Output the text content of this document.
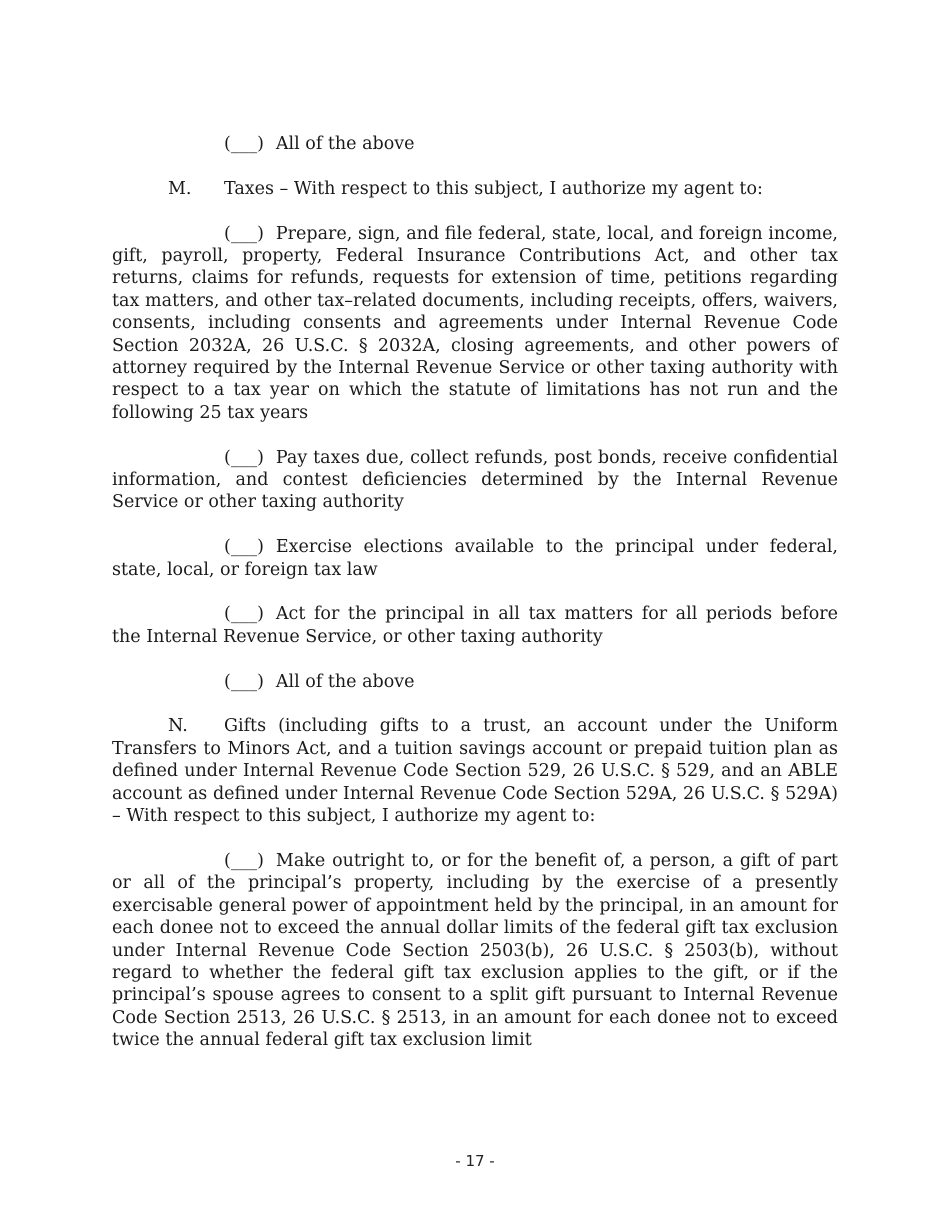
(___) All of the above

M. Taxes – With respect to this subject, I authorize my agent to:

(___) Prepare, sign, and file federal, state, local, and foreign income, gift, payroll, property, Federal Insurance Contributions Act, and other tax returns, claims for refunds, requests for extension of time, petitions regarding tax matters, and other tax–related documents, including receipts, offers, waivers, consents, including consents and agreements under Internal Revenue Code Section 2032A, 26 U.S.C. § 2032A, closing agreements, and other powers of attorney required by the Internal Revenue Service or other taxing authority with respect to a tax year on which the statute of limitations has not run and the following 25 tax years

(___) Pay taxes due, collect refunds, post bonds, receive confidential information, and contest deficiencies determined by the Internal Revenue Service or other taxing authority

(___) Exercise elections available to the principal under federal, state, local, or foreign tax law

(___) Act for the principal in all tax matters for all periods before the Internal Revenue Service, or other taxing authority

(___) All of the above

N. Gifts (including gifts to a trust, an account under the Uniform Transfers to Minors Act, and a tuition savings account or prepaid tuition plan as defined under Internal Revenue Code Section 529, 26 U.S.C. § 529, and an ABLE account as defined under Internal Revenue Code Section 529A, 26 U.S.C. § 529A) – With respect to this subject, I authorize my agent to:

(___) Make outright to, or for the benefit of, a person, a gift of part or all of the principal’s property, including by the exercise of a presently exercisable general power of appointment held by the principal, in an amount for each donee not to exceed the annual dollar limits of the federal gift tax exclusion under Internal Revenue Code Section 2503(b), 26 U.S.C. § 2503(b), without regard to whether the federal gift tax exclusion applies to the gift, or if the principal’s spouse agrees to consent to a split gift pursuant to Internal Revenue Code Section 2513, 26 U.S.C. § 2513, in an amount for each donee not to exceed twice the annual federal gift tax exclusion limit

- 17 -
